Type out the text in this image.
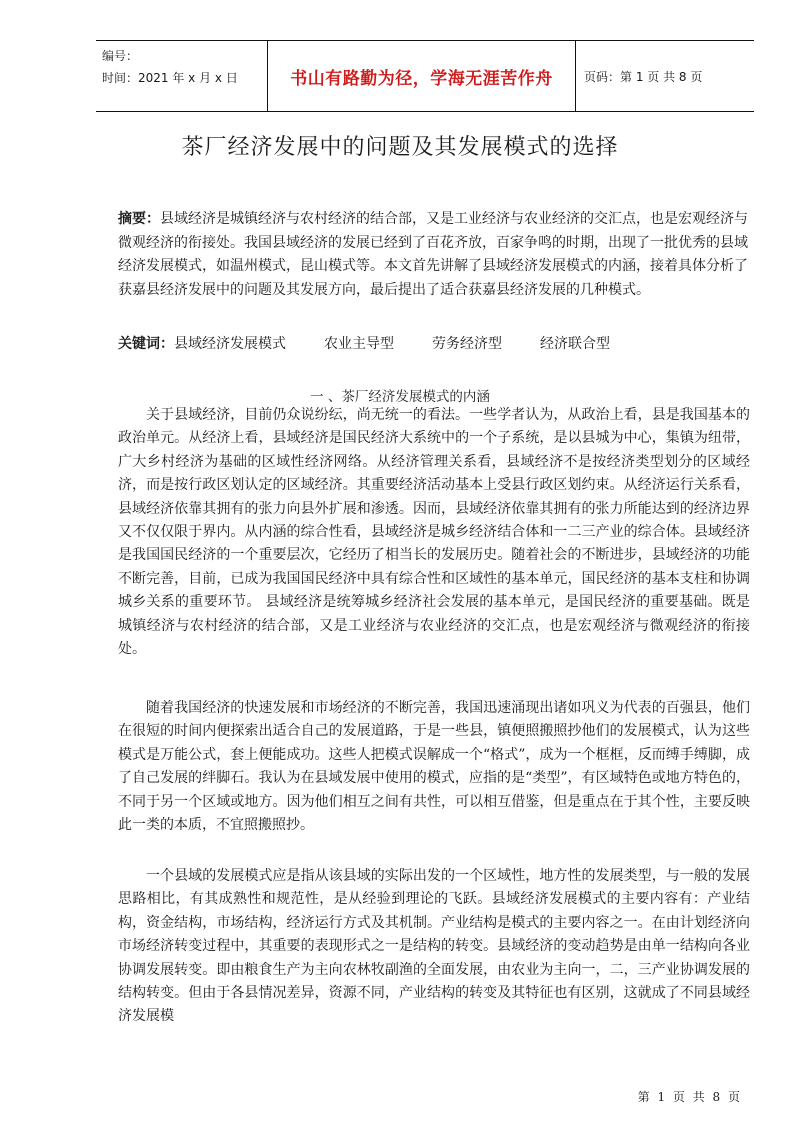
编号：
时间：2021 年 x 月 x 日	书山有路勤为径，学海无涯苦作舟	页码：第 1 页 共 8 页
茶厂经济发展中的问题及其发展模式的选择
摘要：县域经济是城镇经济与农村经济的结合部，又是工业经济与农业经济的交汇点，也是宏观经济与微观经济的衔接处。我国县域经济的发展已经到了百花齐放，百家争鸣的时期，出现了一批优秀的县域经济发展模式，如温州模式，昆山模式等。本文首先讲解了县域经济发展模式的内涵，接着具体分析了获嘉县经济发展中的问题及其发展方向，最后提出了适合获嘉县经济发展的几种模式。
关键词：县域经济发展模式	农业主导型	劳务经济型	经济联合型
一 、茶厂经济发展模式的内涵
关于县域经济，目前仍众说纷纭，尚无统一的看法。一些学者认为，从政治上看，县是我国基本的政治单元。从经济上看，县域经济是国民经济大系统中的一个子系统，是以县城为中心，集镇为纽带，广大乡村经济为基础的区域性经济网络。从经济管理关系看，县域经济不是按经济类型划分的区域经济，而是按行政区划认定的区域经济。其重要经济活动基本上受县行政区划约束。从经济运行关系看，县域经济依靠其拥有的张力向县外扩展和渗透。因而，县域经济依靠其拥有的张力所能达到的经济边界又不仅仅限于界内。从内涵的综合性看，县域经济是城乡经济结合体和一二三产业的综合体。县域经济是我国国民经济的一个重要层次，它经历了相当长的发展历史。随着社会的不断进步，县域经济的功能不断完善，目前，已成为我国国民经济中具有综合性和区域性的基本单元，国民经济的基本支柱和协调城乡关系的重要环节。 县域经济是统筹城乡经济社会发展的基本单元，是国民经济的重要基础。既是城镇经济与农村经济的结合部，又是工业经济与农业经济的交汇点，也是宏观经济与微观经济的衔接处。
随着我国经济的快速发展和市场经济的不断完善，我国迅速涌现出诸如巩义为代表的百强县，他们在很短的时间内便探索出适合自己的发展道路，于是一些县，镇便照搬照抄他们的发展模式，认为这些模式是万能公式，套上便能成功。这些人把模式误解成一个“格式”，成为一个框框，反而缚手缚脚，成了自己发展的绊脚石。我认为在县域发展中使用的模式，应指的是“类型”，有区域特色或地方特色的，不同于另一个区域或地方。因为他们相互之间有共性，可以相互借鉴，但是重点在于其个性，主要反映此一类的本质，不宜照搬照抄。
一个县域的发展模式应是指从该县域的实际出发的一个区域性，地方性的发展类型，与一般的发展思路相比，有其成熟性和规范性，是从经验到理论的飞跃。县域经济发展模式的主要内容有：产业结构，资金结构，市场结构，经济运行方式及其机制。产业结构是模式的主要内容之一。在由计划经济向市场经济转变过程中，其重要的表现形式之一是结构的转变。县域经济的变动趋势是由单一结构向各业协调发展转变。即由粮食生产为主向农林牧副渔的全面发展，由农业为主向一，二，三产业协调发展的结构转变。但由于各县情况差异，资源不同，产业结构的转变及其特征也有区别，这就成了不同县域经济发展模
第 1 页 共 8 页
